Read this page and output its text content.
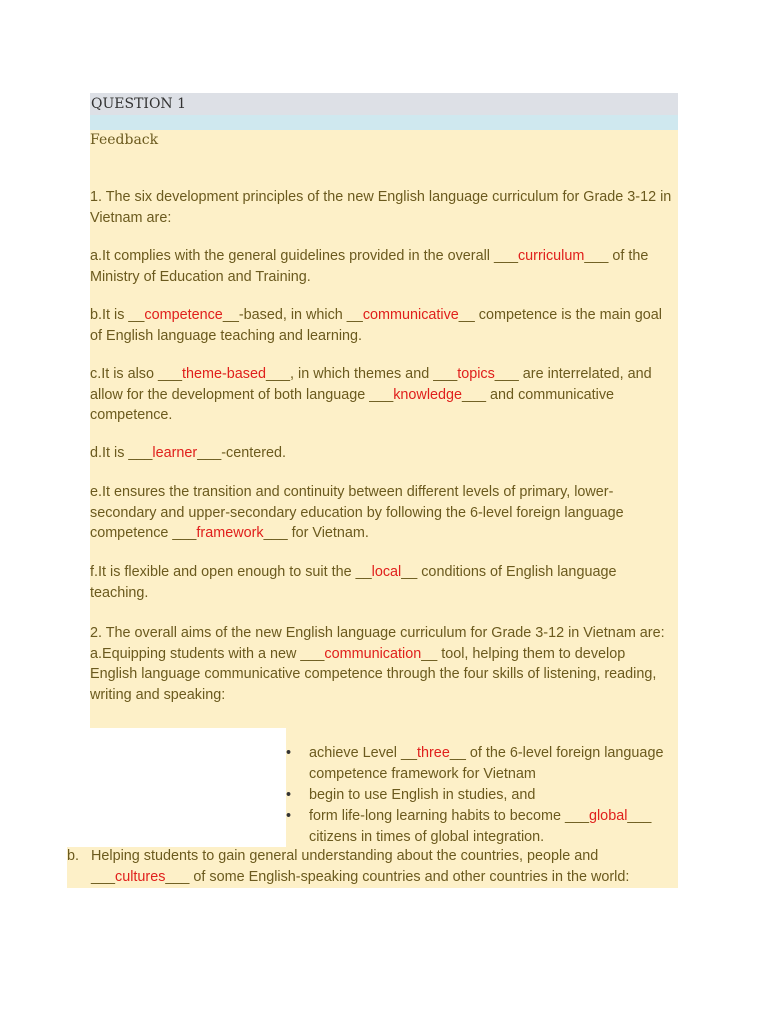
QUESTION 1
Feedback

1. The six development principles of the new English language curriculum for Grade 3-12 in Vietnam are:

a.It complies with the general guidelines provided in the overall ___curriculum___ of the Ministry of Education and Training.

b.It is __competence__-based, in which __communicative__ competence is the main goal of English language teaching and learning.

c.It is also ___theme-based___, in which themes and ___topics___ are interrelated, and allow for the development of both language ___knowledge___ and communicative competence.

d.It is ___learner___-centered.

e.It ensures the transition and continuity between different levels of primary, lower-secondary and upper-secondary education by following the 6-level foreign language competence ___framework___ for Vietnam.

f.It is flexible and open enough to suit the __local__ conditions of English language teaching.

2. The overall aims of the new English language curriculum for Grade 3-12 in Vietnam are:
a.Equipping students with a new ___communication__ tool, helping them to develop English language communicative competence through the four skills of listening, reading, writing and speaking:

• achieve Level __three__ of the 6-level foreign language competence framework for Vietnam
• begin to use English in studies, and
• form life-long learning habits to become ___global___ citizens in times of global integration.
b. Helping students to gain general understanding about the countries, people and ___cultures___ of some English-speaking countries and other countries in the world:
